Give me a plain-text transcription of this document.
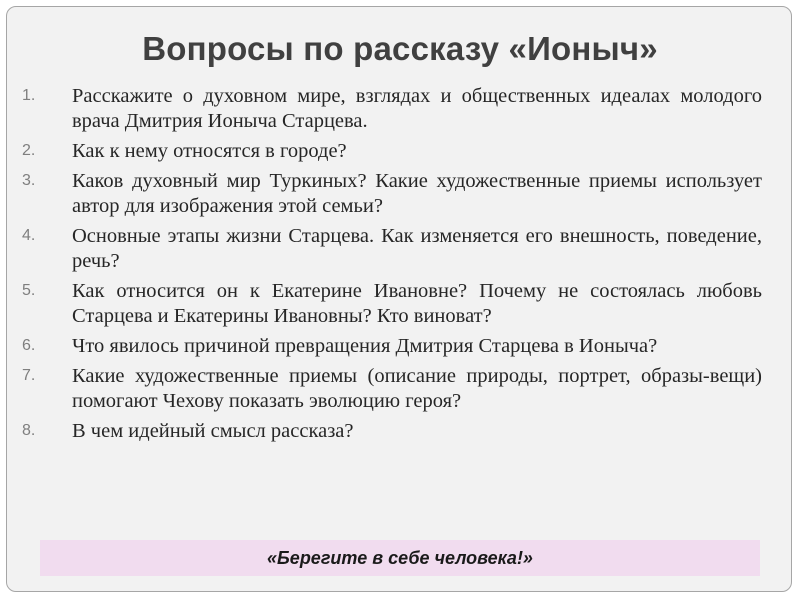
Вопросы по рассказу «Ионыч»
1.	Расскажите о духовном мире, взглядах и общественных идеалах молодого врача Дмитрия Ионыча Старцева.
2.	Как к нему относятся в городе?
3.	Каков духовный мир Туркиных? Какие художественные приемы использует автор для изображения этой семьи?
4.	Основные этапы жизни Старцева. Как изменяется его внешность, поведение, речь?
5.	Как относится он к Екатерине Ивановне? Почему не состоялась любовь Старцева и Екатерины Ивановны? Кто виноват?
6.	Что явилось причиной превращения Дмитрия Старцева в Ионыча?
7.	Какие художественные приемы (описание природы, портрет, образы-вещи) помогают Чехову показать эволюцию героя?
8.	В чем идейный смысл рассказа?
«Берегите в себе человека!»
